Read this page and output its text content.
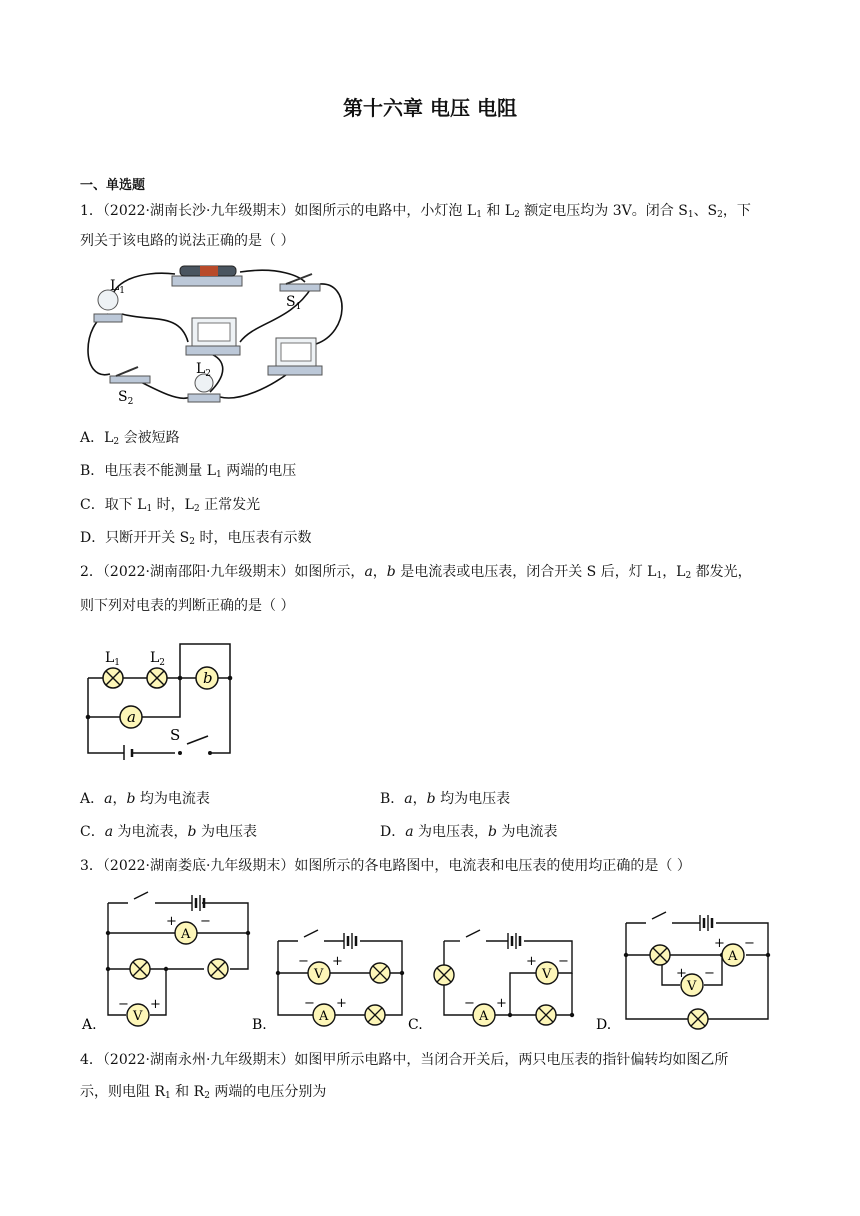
第十六章 电压 电阻
一、单选题
1．（2022·湖南长沙·九年级期末）如图所示的电路中，小灯泡 $L_1$ 和 $L_2$ 额定电压均为 3V。闭合 $S_1$、$S_2$，下
列关于该电路的说法正确的是（ ）
$L_1$
$S_1$
$S_2$
$L_2$
A．$L_2$ 会被短路
B．电压表不能测量 $L_1$ 两端的电压
C．取下 $L_1$ 时，$L_2$ 正常发光
D．只断开开关 $S_2$ 时，电压表有示数
2．（2022·湖南邵阳·九年级期末）如图所示，a，b 是电流表或电压表，闭合开关 S 后，灯 $L_1$，$L_2$ 都发光，
则下列对电表的判断正确的是（ ）
b
a
S
$L_1$ $L_2$
A．a，b 均为电流表	B．a，b 均为电压表
C．a 为电流表，b 为电压表	D．a 为电压表，b 为电流表
3．（2022·湖南娄底·九年级期末）如图所示的各电路图中，电流表和电压表的使用均正确的是（ ）
A
V
V
A
V
A
A
V
+ −
− +
− +
− +
+ −
− +
+ −
+ −
A.	B.	C.	D.
4．（2022·湖南永州·九年级期末）如图甲所示电路中，当闭合开关后，两只电压表的指针偏转均如图乙所
示，则电阻 $R_1$ 和 $R_2$ 两端的电压分别为
